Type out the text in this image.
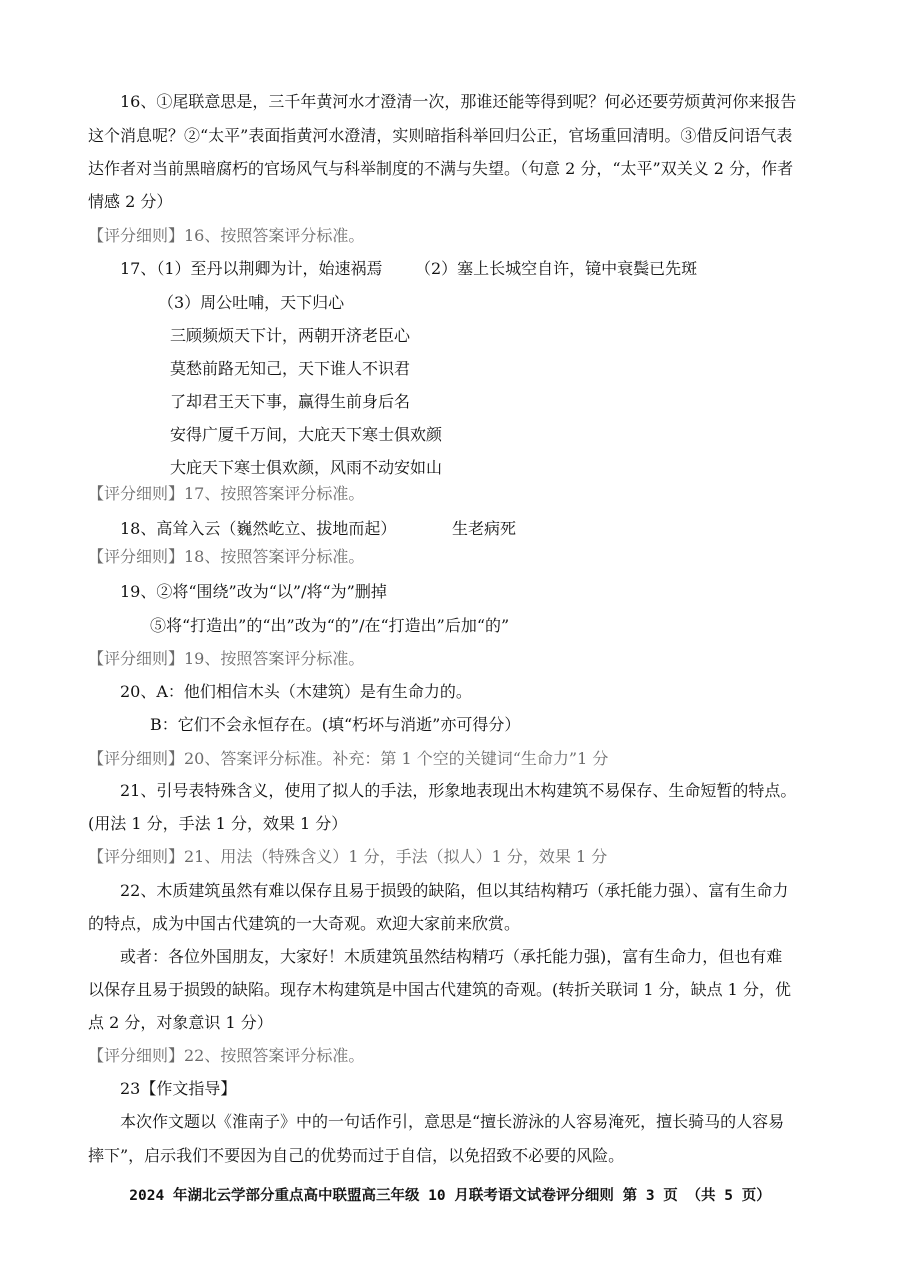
16、①尾联意思是，三千年黄河水才澄清一次，那谁还能等得到呢？何必还要劳烦黄河你来报告
这个消息呢？②“太平”表面指黄河水澄清，实则暗指科举回归公正，官场重回清明。③借反问语气表
达作者对当前黑暗腐朽的官场风气与科举制度的不满与失望。（句意 2 分，“太平”双关义 2 分，作者
情感 2 分）
【评分细则】16、按照答案评分标准。
17、（1）至丹以荆卿为计，始速祸焉 （2）塞上长城空自许，镜中衰鬓已先斑
（3）周公吐哺，天下归心
三顾频烦天下计，两朝开济老臣心
莫愁前路无知己，天下谁人不识君
了却君王天下事，赢得生前身后名
安得广厦千万间，大庇天下寒士俱欢颜
大庇天下寒士俱欢颜，风雨不动安如山
【评分细则】17、按照答案评分标准。
18、高耸入云（巍然屹立、拔地而起）	生老病死
【评分细则】18、按照答案评分标准。
19、②将“围绕”改为“以”/将“为”删掉
⑤将“打造出”的“出”改为“的”/在“打造出”后加“的”
【评分细则】19、按照答案评分标准。
20、A：他们相信木头（木建筑）是有生命力的。
B：它们不会永恒存在。(填“朽坏与消逝”亦可得分）
【评分细则】20、答案评分标准。补充：第 1 个空的关键词“生命力”1 分
21、引号表特殊含义，使用了拟人的手法，形象地表现出木构建筑不易保存、生命短暂的特点。
(用法 1 分，手法 1 分，效果 1 分）
【评分细则】21、用法（特殊含义）1 分，手法（拟人）1 分，效果 1 分
22、木质建筑虽然有难以保存且易于损毁的缺陷，但以其结构精巧（承托能力强）、富有生命力
的特点，成为中国古代建筑的一大奇观。欢迎大家前来欣赏。
或者：各位外国朋友，大家好！木质建筑虽然结构精巧（承托能力强)，富有生命力，但也有难
以保存且易于损毁的缺陷。现存木构建筑是中国古代建筑的奇观。(转折关联词 1 分，缺点 1 分，优
点 2 分，对象意识 1 分）
【评分细则】22、按照答案评分标准。
23【作文指导】
本次作文题以《淮南子》中的一句话作引，意思是“擅长游泳的人容易淹死，擅长骑马的人容易
摔下”，启示我们不要因为自己的优势而过于自信，以免招致不必要的风险。
2024 年湖北云学部分重点高中联盟高三年级 10 月联考语文试卷评分细则 第 3 页 （共 5 页）
